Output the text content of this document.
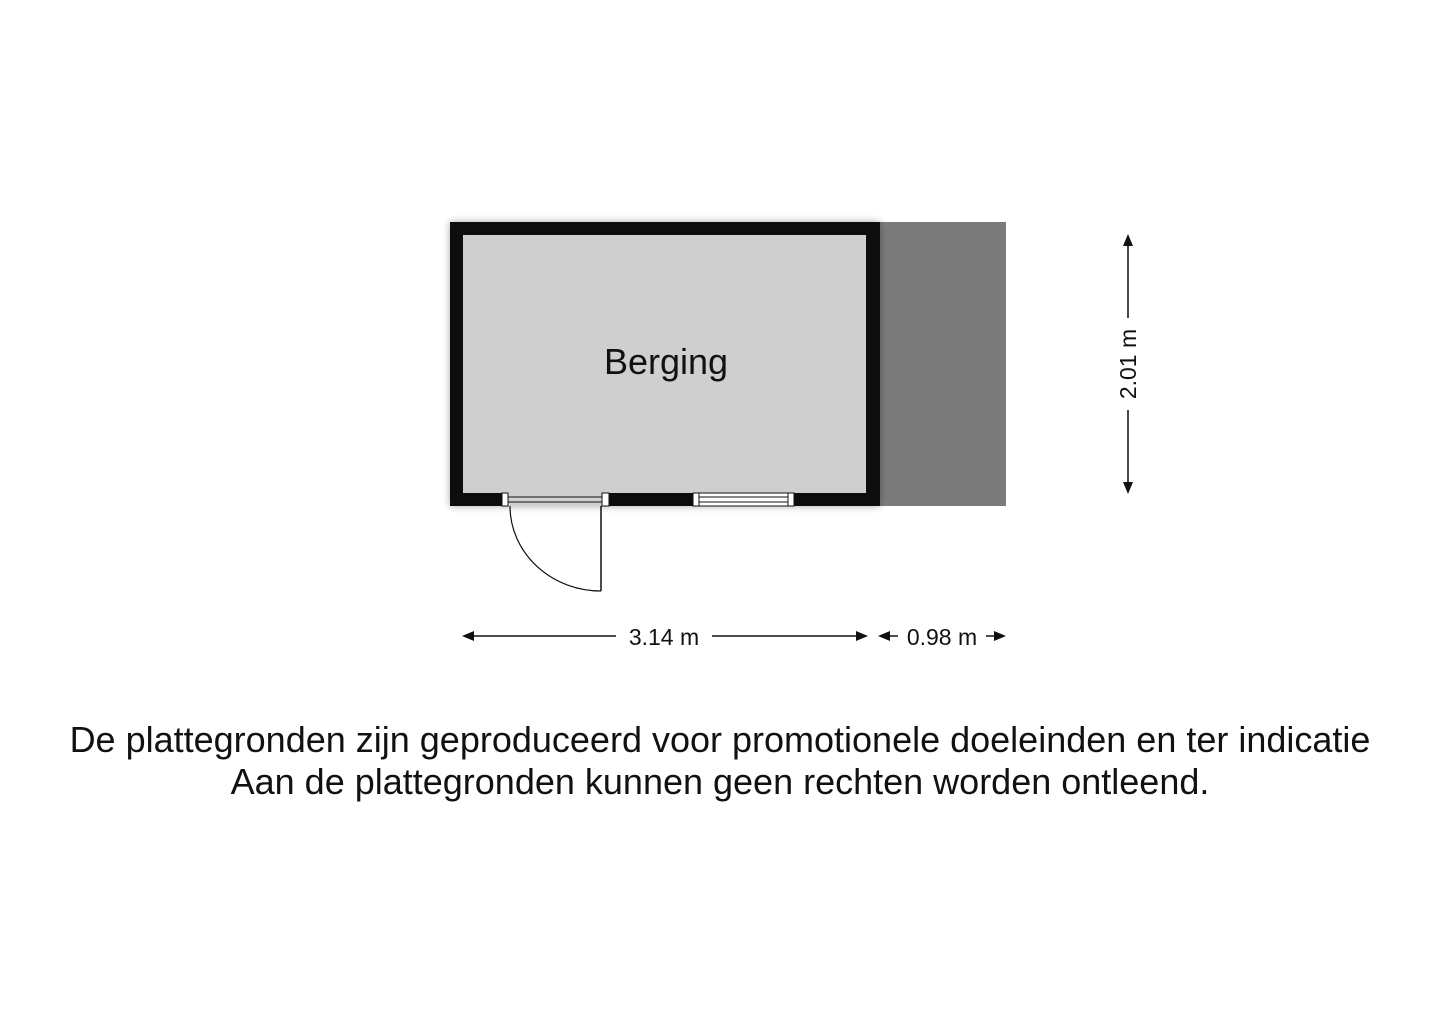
Berging
3.14 m	0.98 m
2.01 m
De plattegronden zijn geproduceerd voor promotionele doeleinden en ter indicatie
Aan de plattegronden kunnen geen rechten worden ontleend.
